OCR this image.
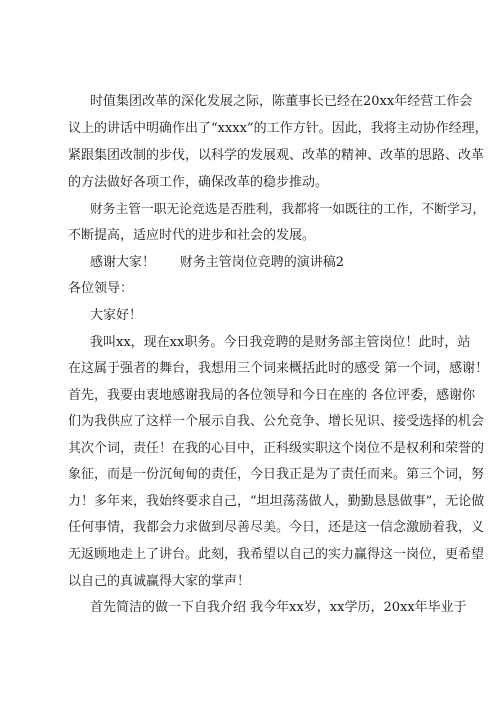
时值集团改革的深化发展之际，陈董事长已经在20xx年经营工作会
议上的讲话中明确作出了“xxxx”的工作方针。因此，我将主动协作经理，
紧跟集团改制的步伐，以科学的发展观、改革的精神、改革的思路、改革
的方法做好各项工作，确保改革的稳步推动。
财务主管一职无论竞选是否胜利，我都将一如既往的工作，不断学习，
不断提高，适应时代的进步和社会的发展。
感谢大家！      财务主管岗位竞聘的演讲稿2
各位领导：
大家好！
我叫xx，现在xx职务。今日我竞聘的是财务部主管岗位！此时，站
在这属于强者的舞台，我想用三个词来概括此时的感受 第一个词，感谢！
首先，我要由衷地感谢我局的各位领导和今日在座的 各位评委，感谢你
们为我供应了这样一个展示自我、公允竞争、增长见识、接受选择的机会
其次个词，责任！在我的心目中，正科级实职这个岗位不是权利和荣誉的
象征，而是一份沉甸甸的责任，今日我正是为了责任而来。第三个词，努
力！多年来，我始终要求自己，“坦坦荡荡做人，勤勤恳恳做事”，无论做
任何事情，我都会力求做到尽善尽美。今日，还是这一信念激励着我，义
无返顾地走上了讲台。此刻，我希望以自己的实力赢得这一岗位，更希望
以自己的真诚赢得大家的掌声！
首先简洁的做一下自我介绍 我今年xx岁，xx学历，20xx年毕业于
